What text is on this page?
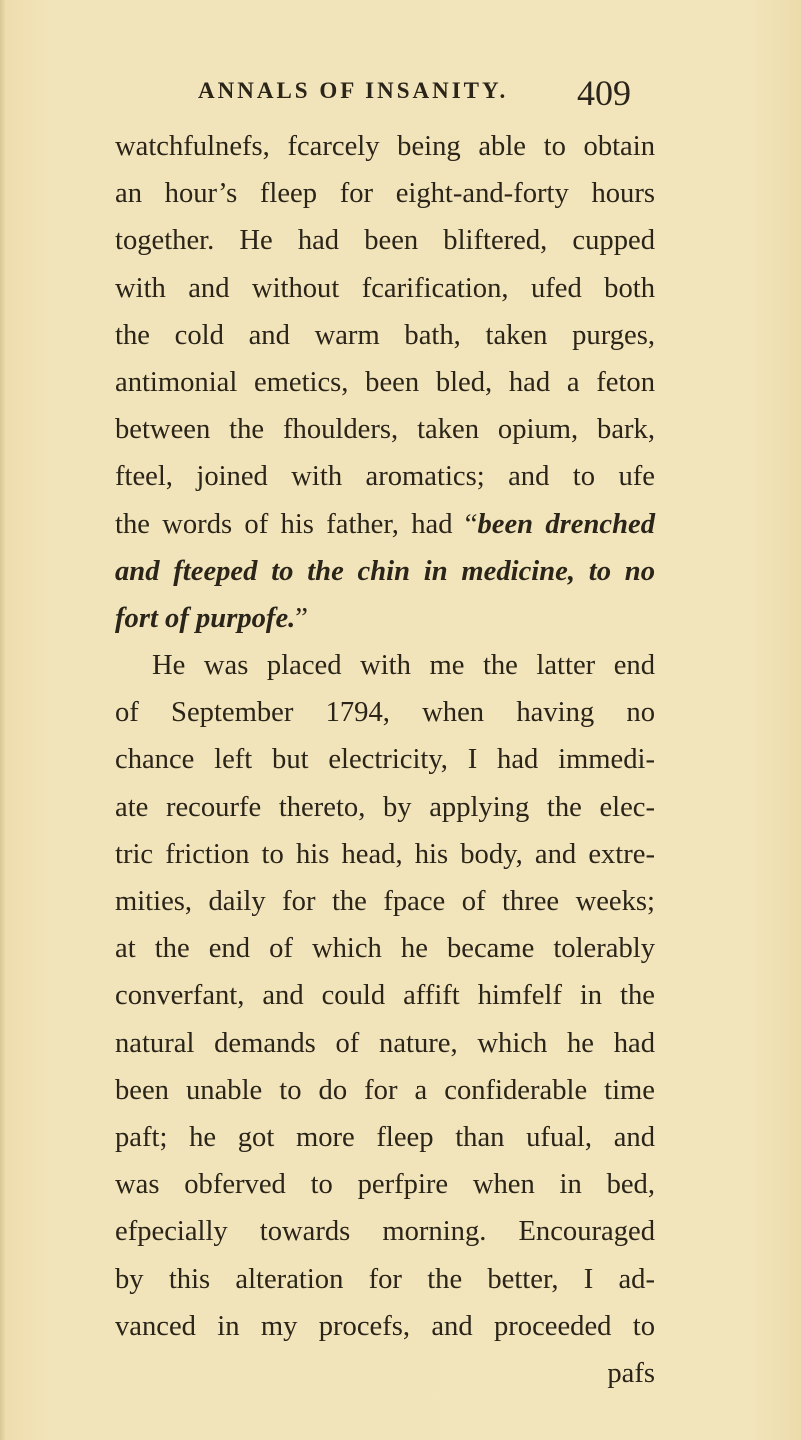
ANNALS OF INSANITY. 409
watchfulnefs, fcarcely being able to obtain
an hour’s fleep for eight-and-forty hours
together. He had been bliftered, cupped
with and without fcarification, ufed both
the cold and warm bath, taken purges,
antimonial emetics, been bled, had a feton
between the fhoulders, taken opium, bark,
fteel, joined with aromatics; and to ufe
the words of his father, had “been drenched
and fteeped to the chin in medicine, to no
fort of purpofe.”
He was placed with me the latter end
of September 1794, when having no
chance left but electricity, I had immedi-
ate recourfe thereto, by applying the elec-
tric friction to his head, his body, and extre-
mities, daily for the fpace of three weeks;
at the end of which he became tolerably
converfant, and could affift himfelf in the
natural demands of nature, which he had
been unable to do for a confiderable time
paft; he got more fleep than ufual, and
was obferved to perfpire when in bed,
efpecially towards morning. Encouraged
by this alteration for the better, I ad-
vanced in my procefs, and proceeded to
pafs
